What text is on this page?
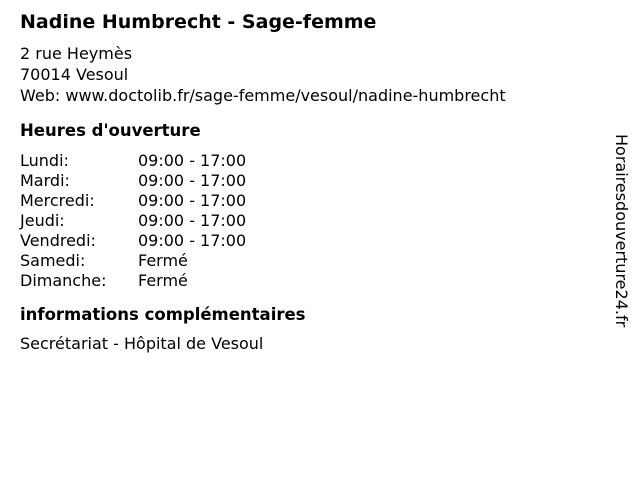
Nadine Humbrecht - Sage-femme
2 rue Heymès
70014 Vesoul
Web: www.doctolib.fr/sage-femme/vesoul/nadine-humbrecht
Heures d'ouverture
Lundi:	09:00 - 17:00
Mardi:	09:00 - 17:00
Mercredi:	09:00 - 17:00
Jeudi:	09:00 - 17:00
Vendredi:	09:00 - 17:00
Samedi:	Fermé
Dimanche:	Fermé
informations complémentaires
Secrétariat - Hôpital de Vesoul
Horairesdouverture24.fr
